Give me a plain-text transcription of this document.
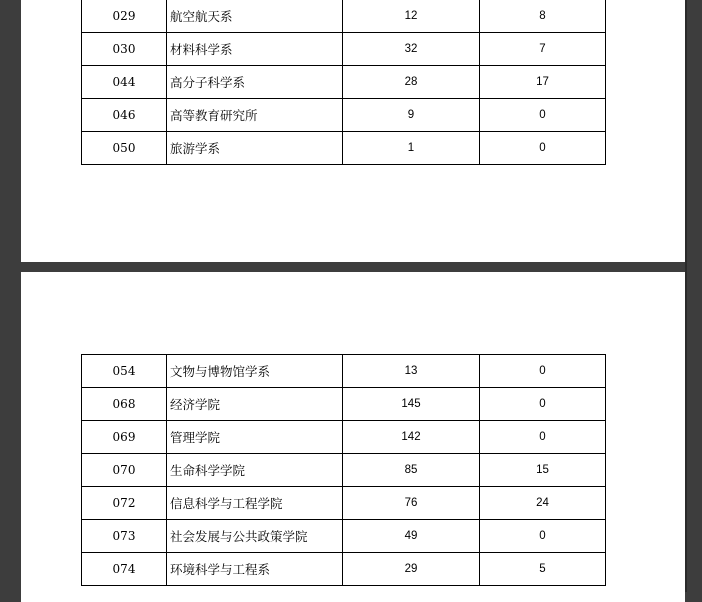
029	航空航天系	12	8
030	材料科学系	32	7
044	高分子科学系	28	17
046	高等教育研究所	9	0
050	旅游学系	1	0
054	文物与博物馆学系	13	0
068	经济学院	145	0
069	管理学院	142	0
070	生命科学学院	85	15
072	信息科学与工程学院	76	24
073	社会发展与公共政策学院	49	0
074	环境科学与工程系	29	5
